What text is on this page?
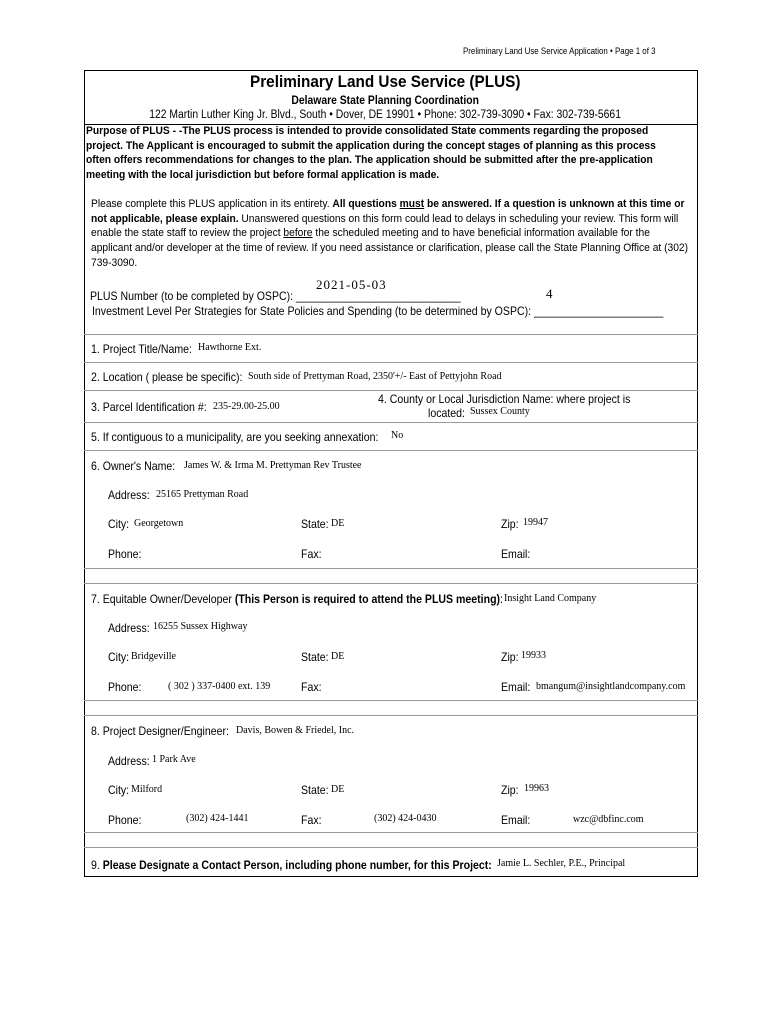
Preliminary Land Use Service Application • Page 1 of 3
Preliminary Land Use Service (PLUS)
Delaware State Planning Coordination
122 Martin Luther King Jr. Blvd., South • Dover, DE 19901 • Phone: 302-739-3090 • Fax: 302-739-5661
Purpose of PLUS - -The PLUS process is intended to provide consolidated State comments regarding the proposed project. The Applicant is encouraged to submit the application during the concept stages of planning as this process often offers recommendations for changes to the plan. The application should be submitted after the pre-application meeting with the local jurisdiction but before formal application is made.
Please complete this PLUS application in its entirety. All questions must be answered. If a question is unknown at this time or not applicable, please explain. Unanswered questions on this form could lead to delays in scheduling your review. This form will enable the state staff to review the project before the scheduled meeting and to have beneficial information available for the applicant and/or developer at the time of review. If you need assistance or clarification, please call the State Planning Office at (302) 739-3090.
2021-05-03
PLUS Number (to be completed by OSPC): ____________________________	4
Investment Level Per Strategies for State Policies and Spending (to be determined by OSPC): ______________________
1. Project Title/Name: Hawthorne Ext.
2. Location ( please be specific): South side of Prettyman Road, 2350'+/- East of Pettyjohn Road
3. Parcel Identification #: 235-29.00-25.00
4. County or Local Jurisdiction Name: where project is
located: Sussex County
5. If contiguous to a municipality, are you seeking annexation:	No
6. Owner's Name: James W. & Irma M. Prettyman Rev Trustee
Address: 25165 Prettyman Road
City: Georgetown	State: DE	Zip: 19947
Phone:	Fax:	Email:
7. Equitable Owner/Developer (This Person is required to attend the PLUS meeting): Insight Land Company
Address: 16255 Sussex Highway
City: Bridgeville	State: DE	Zip: 19933
Phone:	( 302 ) 337-0400 ext. 139	Fax:	Email: bmangum@insightlandcompany.com
8. Project Designer/Engineer: Davis, Bowen & Friedel, Inc.
Address: 1 Park Ave
City: Milford	State: DE	Zip: 19963
Phone:	(302) 424-1441	Fax:	(302) 424-0430	Email:	wzc@dbfinc.com
9. Please Designate a Contact Person, including phone number, for this Project: Jamie L. Sechler, P.E., Principal
